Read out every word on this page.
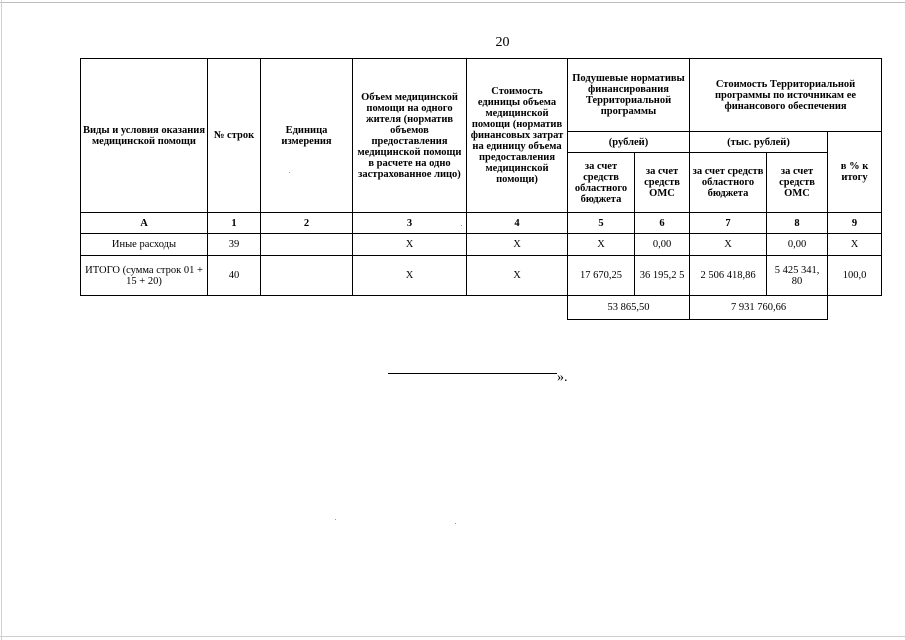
20
Виды и условия оказания медицинской помощи	№ строк	Единица измерения	Объем медицинской помощи на одного жителя (норматив объемов предоставления медицинской помощи в расчете на одно застрахованное лицо)	Стоимость единицы объема медицинской помощи (норматив финансовых затрат на единицу объема предоставления медицинской помощи)	Подушевые нормативы финансирования Территориальной программы		Стоимость Территориальной программы по источникам ее финансового обеспечения		
					(рублей)		(тыс. рублей)		в % к итогу
					за счет средств областного бюджета	за счет средств ОМС	за счет средств областного бюджета	за счет средств ОМС	
А	1	2	3	4	5	6	7	8	9
Иные расходы	39		Х	Х	Х	0,00	Х	0,00	Х
ИТОГО (сумма строк 01 + 15 + 20)	40		Х	Х	17 670,25	36 195,2 5	2 506 418,86	5 425 341, 80	100,0
					53 865,50		7 931 760,66		
».
